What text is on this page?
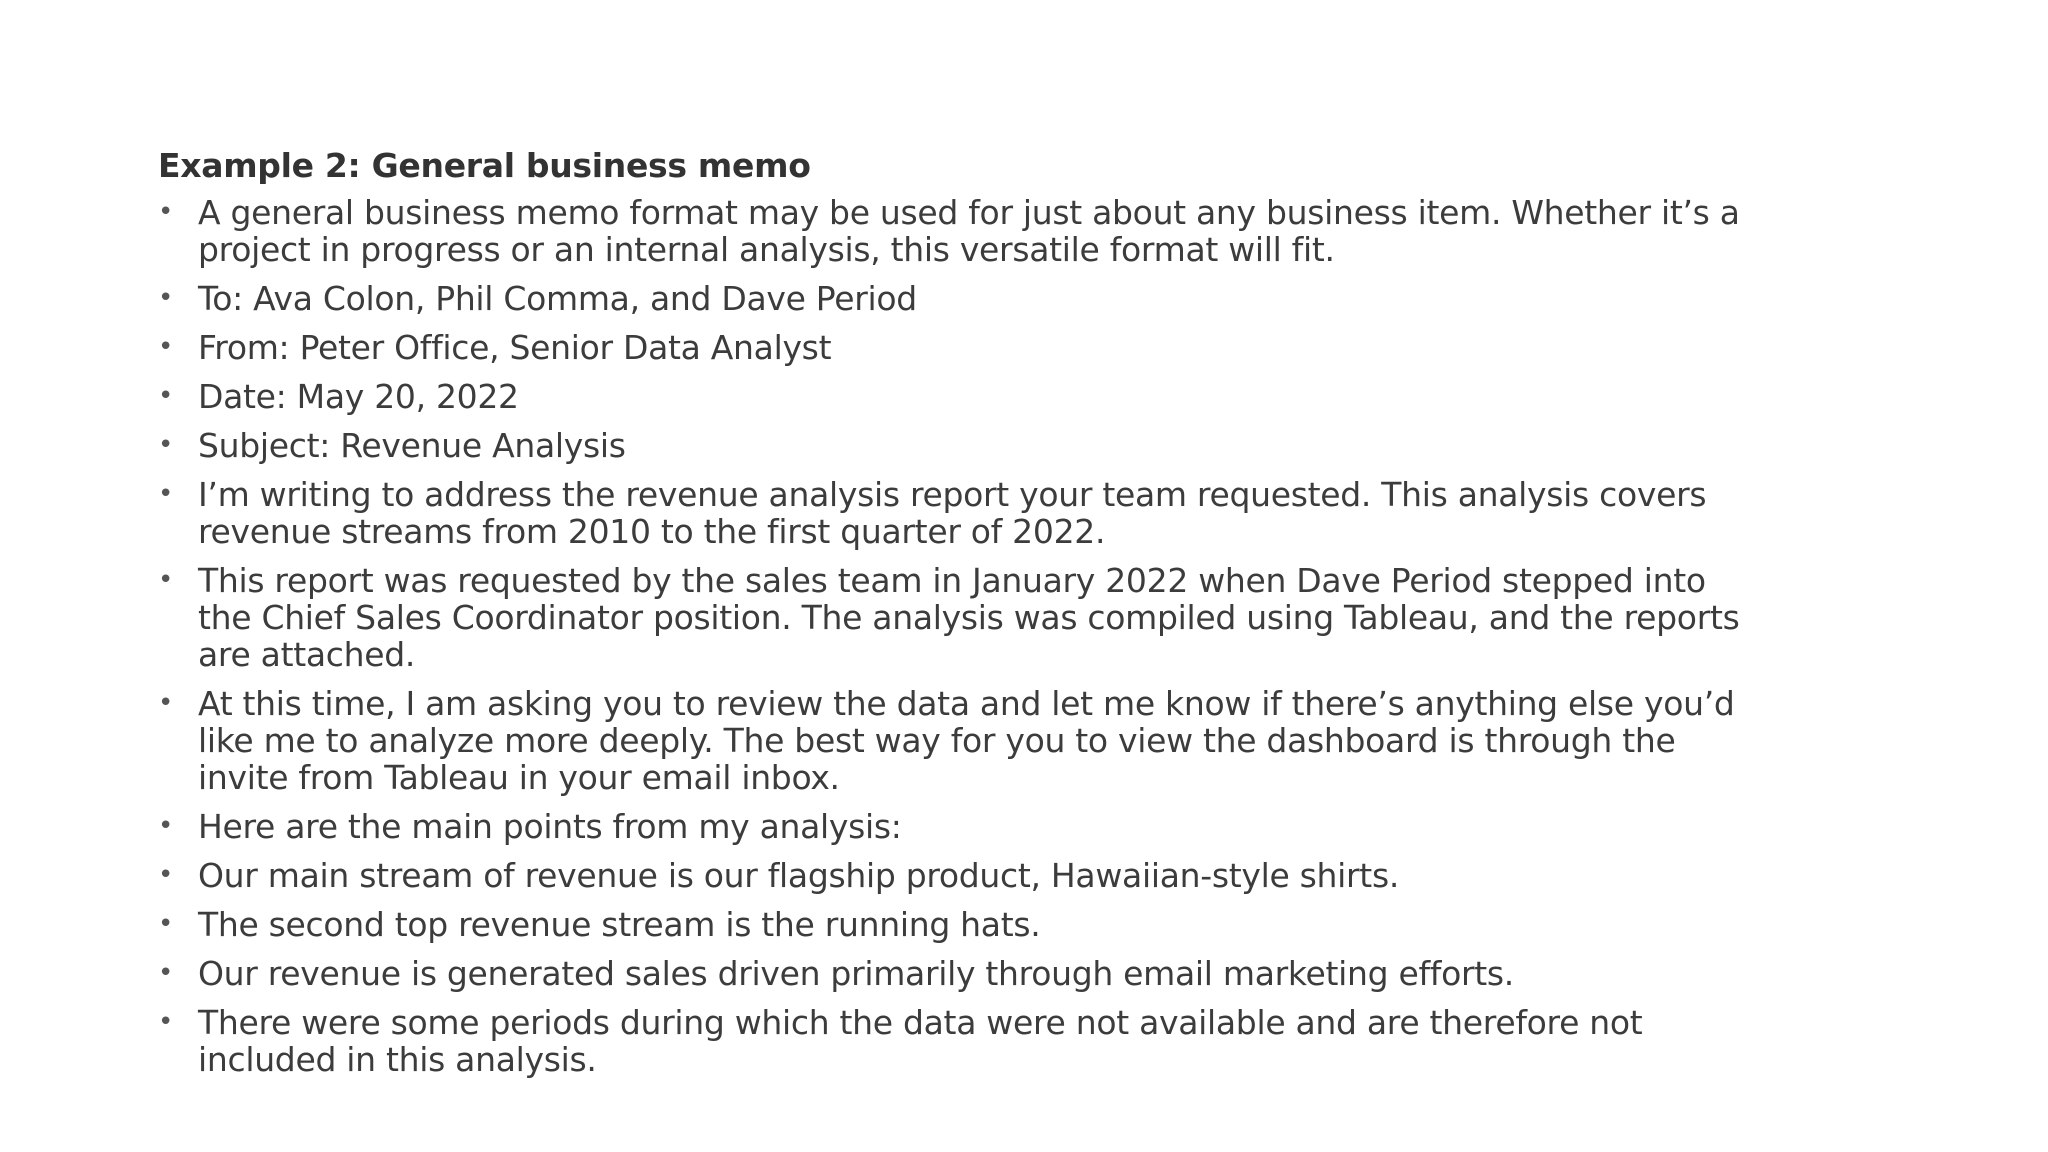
Example 2: General business memo
• A general business memo format may be used for just about any business item. Whether it’s a project in progress or an internal analysis, this versatile format will fit.
• To: Ava Colon, Phil Comma, and Dave Period
• From: Peter Office, Senior Data Analyst
• Date: May 20, 2022
• Subject: Revenue Analysis
• I’m writing to address the revenue analysis report your team requested. This analysis covers revenue streams from 2010 to the first quarter of 2022.
• This report was requested by the sales team in January 2022 when Dave Period stepped into the Chief Sales Coordinator position. The analysis was compiled using Tableau, and the reports are attached.
• At this time, I am asking you to review the data and let me know if there’s anything else you’d like me to analyze more deeply. The best way for you to view the dashboard is through the invite from Tableau in your email inbox.
• Here are the main points from my analysis:
• Our main stream of revenue is our flagship product, Hawaiian-style shirts.
• The second top revenue stream is the running hats.
• Our revenue is generated sales driven primarily through email marketing efforts.
• There were some periods during which the data were not available and are therefore not included in this analysis.
